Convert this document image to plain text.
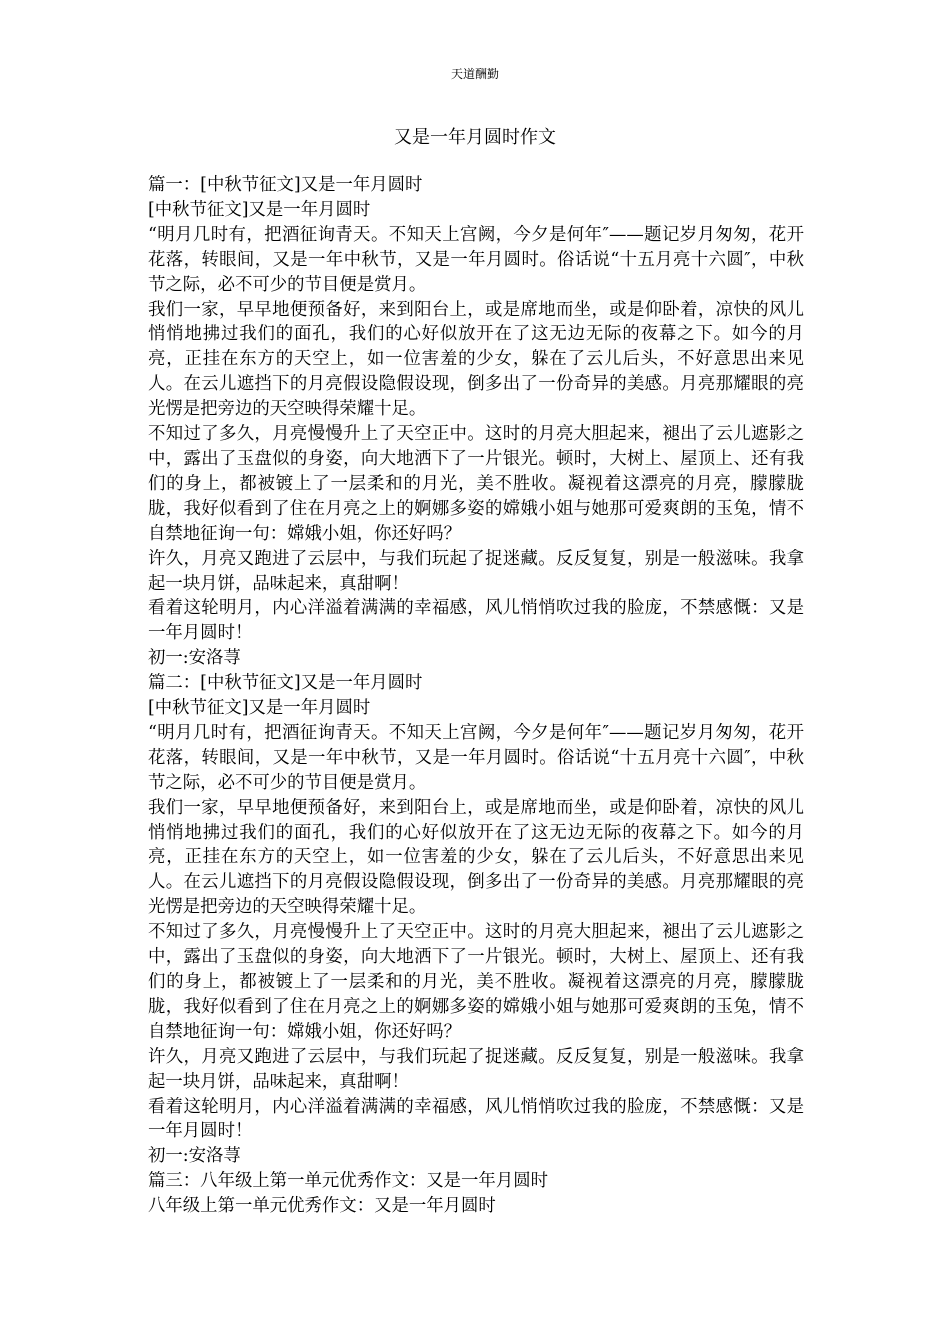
天道酬勤
又是一年月圆时作文

篇一：[中秋节征文]又是一年月圆时

[中秋节征文]又是一年月圆时

“明月几时有，把酒征询青天。不知天上宫阙，今夕是何年″——题记岁月匆匆，花开花落，转眼间，又是一年中秋节，又是一年月圆时。俗话说“十五月亮十六圆″，中秋节之际，必不可少的节目便是赏月。

我们一家，早早地便预备好，来到阳台上，或是席地而坐，或是仰卧着，凉快的风儿悄悄地拂过我们的面孔，我们的心好似放开在了这无边无际的夜幕之下。如今的月亮，正挂在东方的天空上，如一位害羞的少女，躲在了云儿后头，不好意思出来见人。在云儿遮挡下的月亮假设隐假设现，倒多出了一份奇异的美感。月亮那耀眼的亮光愣是把旁边的天空映得荣耀十足。

不知过了多久，月亮慢慢升上了天空正中。这时的月亮大胆起来，褪出了云儿遮影之中，露出了玉盘似的身姿，向大地洒下了一片银光。顿时，大树上、屋顶上、还有我们的身上，都被镀上了一层柔和的月光，美不胜收。凝视着这漂亮的月亮，朦朦胧胧，我好似看到了住在月亮之上的婀娜多姿的嫦娥小姐与她那可爱爽朗的玉兔，情不自禁地征询一句：嫦娥小姐，你还好吗？

许久，月亮又跑进了云层中，与我们玩起了捉迷藏。反反复复，别是一般滋味。我拿起一块月饼，品味起来，真甜啊！

看着这轮明月，内心洋溢着满满的幸福感，风儿悄悄吹过我的脸庞，不禁感慨：又是一年月圆时！

初一:安洛荨

篇二：[中秋节征文]又是一年月圆时

[中秋节征文]又是一年月圆时

“明月几时有，把酒征询青天。不知天上宫阙，今夕是何年″——题记岁月匆匆，花开花落，转眼间，又是一年中秋节，又是一年月圆时。俗话说“十五月亮十六圆″，中秋节之际，必不可少的节目便是赏月。

我们一家，早早地便预备好，来到阳台上，或是席地而坐，或是仰卧着，凉快的风儿悄悄地拂过我们的面孔，我们的心好似放开在了这无边无际的夜幕之下。如今的月亮，正挂在东方的天空上，如一位害羞的少女，躲在了云儿后头，不好意思出来见人。在云儿遮挡下的月亮假设隐假设现，倒多出了一份奇异的美感。月亮那耀眼的亮光愣是把旁边的天空映得荣耀十足。

不知过了多久，月亮慢慢升上了天空正中。这时的月亮大胆起来，褪出了云儿遮影之中，露出了玉盘似的身姿，向大地洒下了一片银光。顿时，大树上、屋顶上、还有我们的身上，都被镀上了一层柔和的月光，美不胜收。凝视着这漂亮的月亮，朦朦胧胧，我好似看到了住在月亮之上的婀娜多姿的嫦娥小姐与她那可爱爽朗的玉兔，情不自禁地征询一句：嫦娥小姐，你还好吗？

许久，月亮又跑进了云层中，与我们玩起了捉迷藏。反反复复，别是一般滋味。我拿起一块月饼，品味起来，真甜啊！

看着这轮明月，内心洋溢着满满的幸福感，风儿悄悄吹过我的脸庞，不禁感慨：又是一年月圆时！

初一:安洛荨

篇三：八年级上第一单元优秀作文：又是一年月圆时

八年级上第一单元优秀作文：又是一年月圆时
